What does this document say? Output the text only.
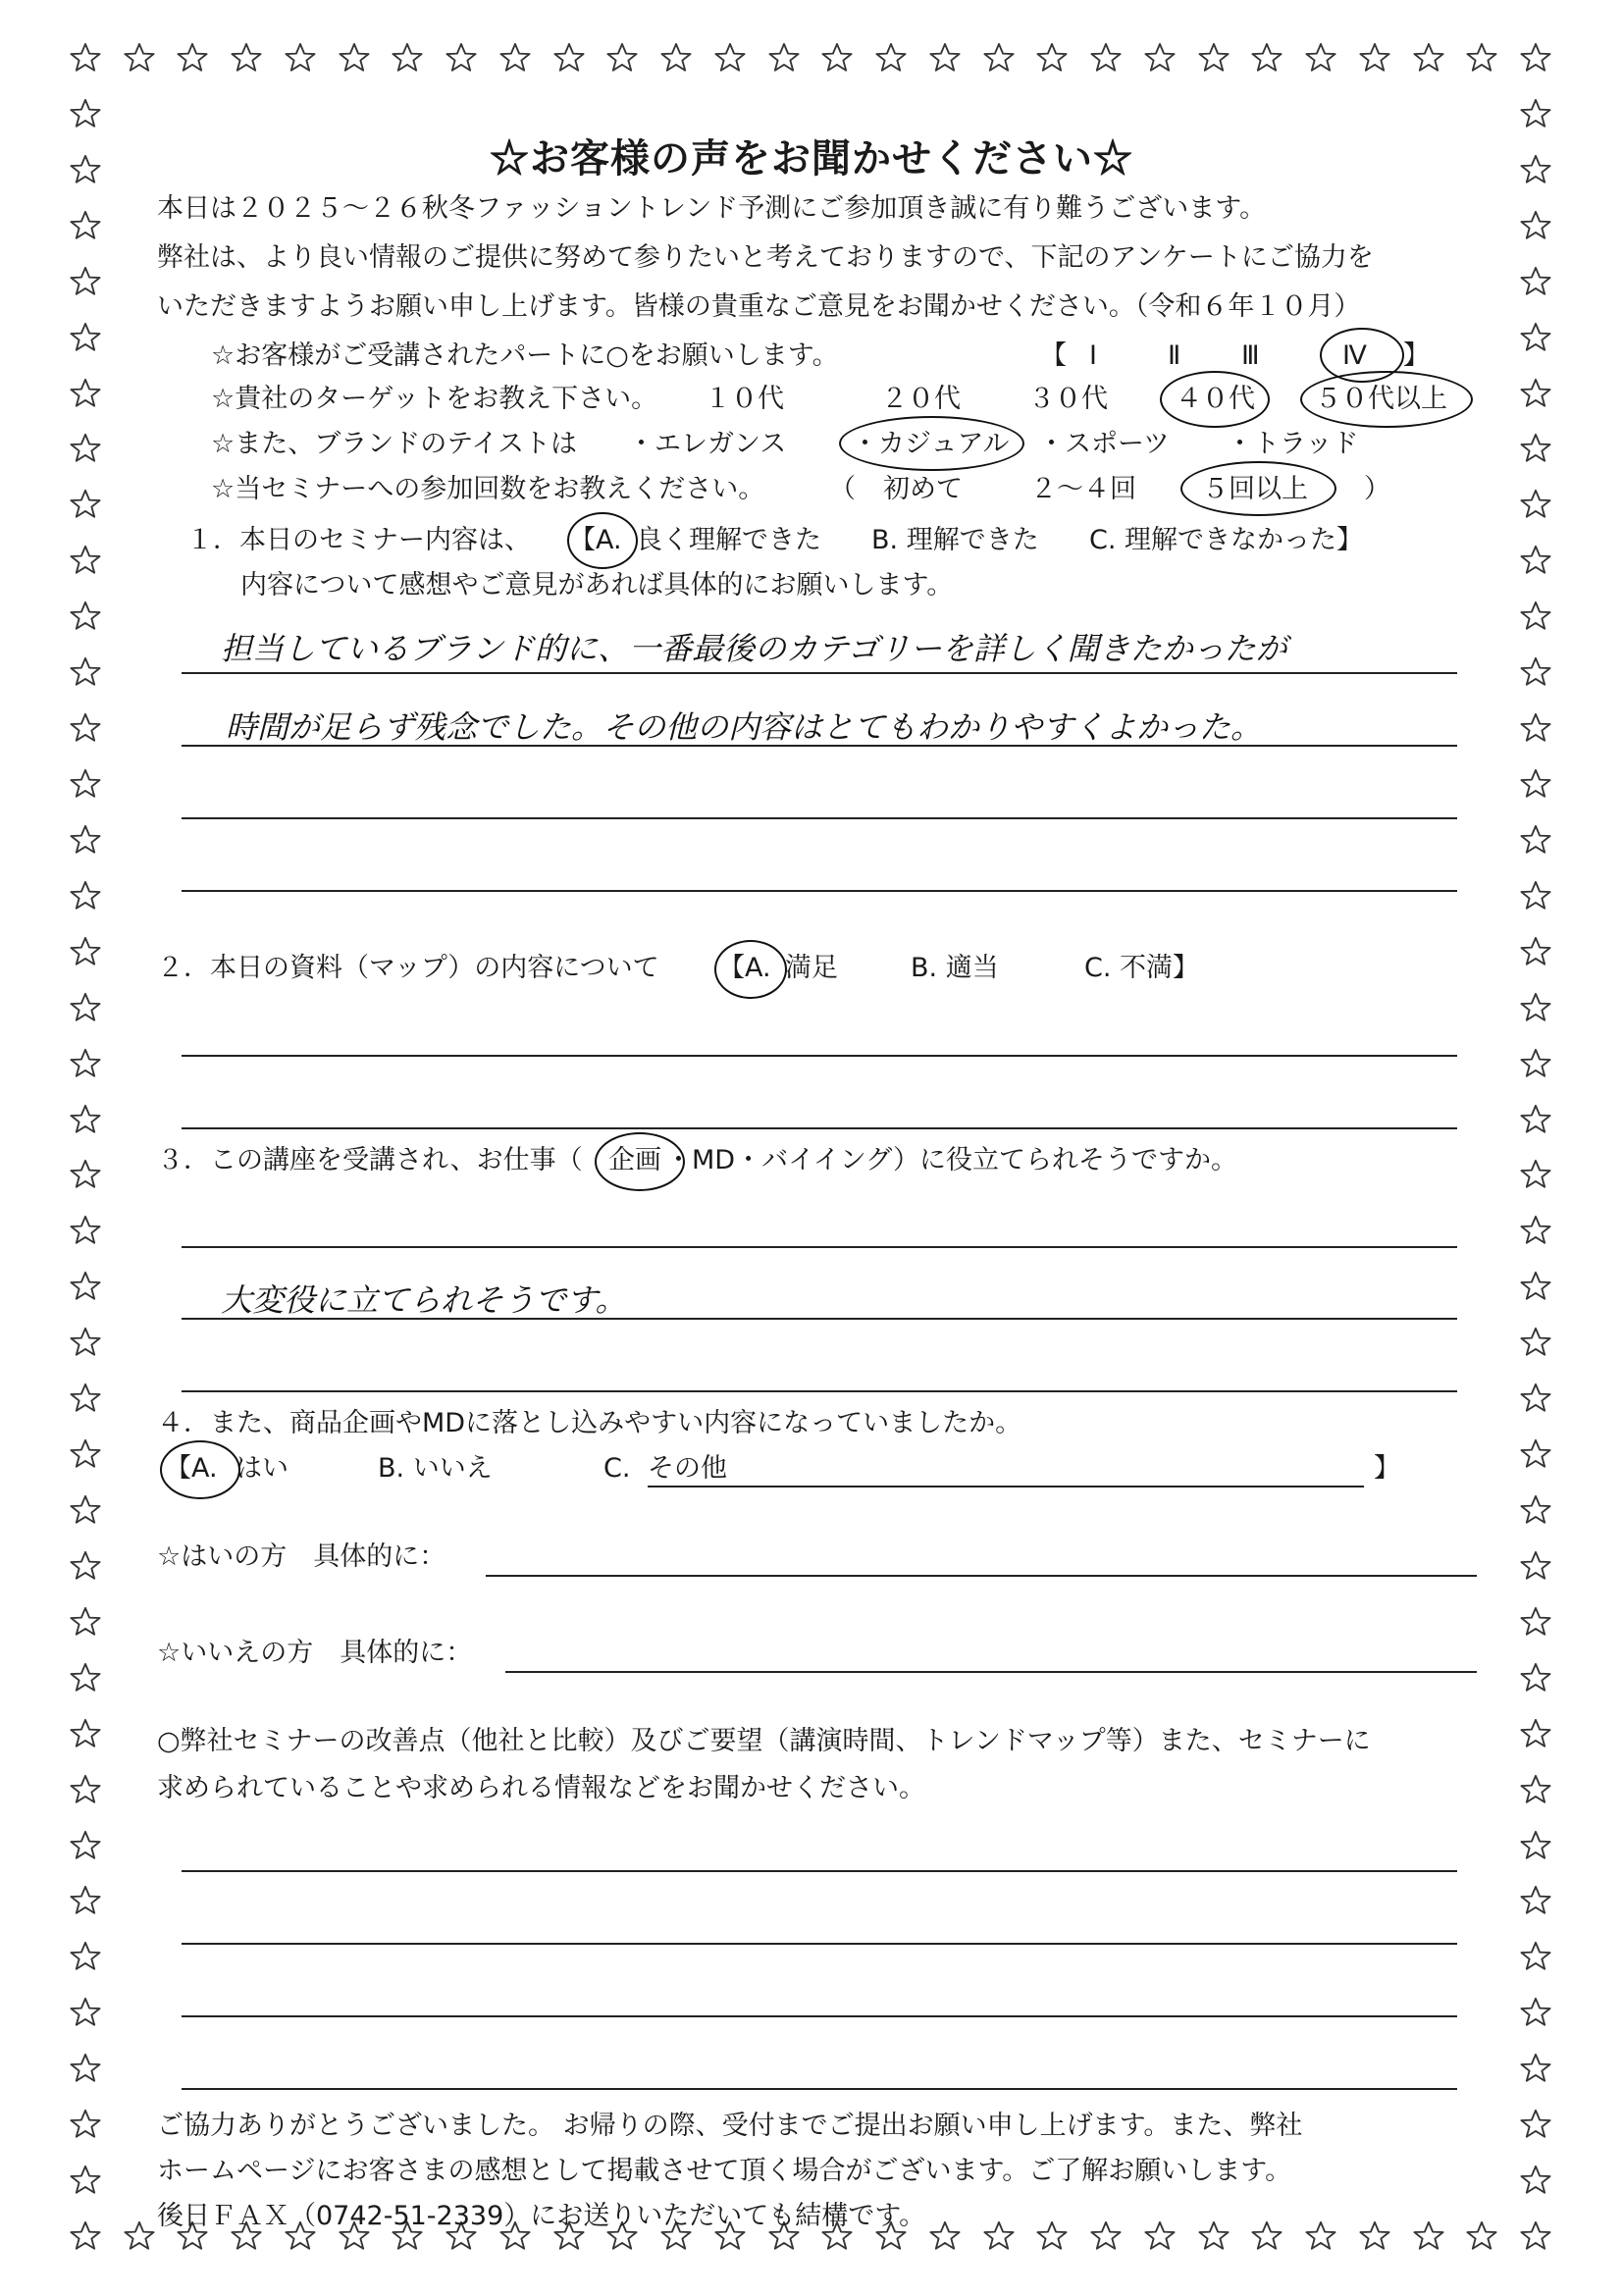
☆お客様の声をお聞かせください☆
本日は２０２５～２６秋冬ファッショントレンド予測にご参加頂き誠に有り難うございます。
弊社は、より良い情報のご提供に努めて参りたいと考えておりますので、下記のアンケートにご協力を
いただきますようお願い申し上げます。皆様の貴重なご意見をお聞かせください。（令和６年１０月）
☆お客様がご受講されたパートに○をお願いします。	【 Ⅰ	Ⅱ Ⅲ	Ⅳ 】
☆貴社のターゲットをお教え下さい。 １０代	２０代	３０代	４０代 ５０代以上
☆また、ブランドのテイストは ・エレガンス ・カジュアル ・スポーツ ・トラッド
☆当セミナーへの参加回数をお教えください。 （ 初めて	２～４回 ５回以上 ）
１．本日のセミナー内容は、 【A. 良く理解できた B. 理解できた C. 理解できなかった】
内容について感想やご意見があれば具体的にお願いします。
担当しているブランド的に、一番最後のカテゴリーを詳しく聞きたかったが
時間が足らず残念でした。その他の内容はとてもわかりやすくよかった。
２．本日の資料（マップ）の内容について 【A. 満足	B. 適当	C. 不満】
３．この講座を受講され、お仕事（ 企画 ・MD・バイイング）に役立てられそうですか。
大変役に立てられそうです。
４．また、商品企画やMDに落とし込みやすい内容になっていましたか。
【A. はい	B. いいえ	C. その他	】
☆はいの方　具体的に：
☆いいえの方　具体的に：
○弊社セミナーの改善点（他社と比較）及びご要望（講演時間、トレンドマップ等）また、セミナーに
求められていることや求められる情報などをお聞かせください。
ご協力ありがとうございました。 お帰りの際、受付までご提出お願い申し上げます。また、弊社
ホームページにお客さまの感想として掲載させて頂く場合がございます。ご了解お願いします。
後日ＦＡＸ（0742-51-2339）にお送りいただいても結構です。
